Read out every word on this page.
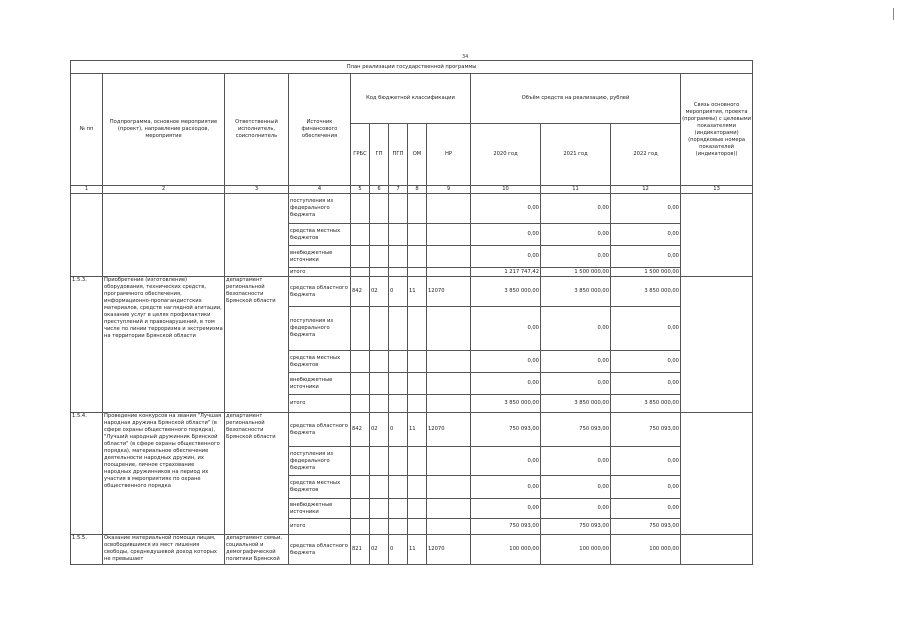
34
План реализации государственной программы												
№ пп	Подпрограмма, основное мероприятие (проект), направление расходов, мероприятие	Ответственный исполнитель, соисполнитель	Источник финансового обеспечения	Код бюджетной классификации					Объём средств на реализацию, рублей			Связь основного мероприятия, проекта (программы) с целевыми показателями (индикаторами) (порядковые номера показателей (индикаторов))
				ГРБС	ГП	ПГП	ОМ	НР	2020 год	2021 год	2022 год	
1	2	3	4	5	6	7	8	9	10	11	12	13
			поступления из федерального бюджета						0,00	0,00	0,00	
			средства местных бюджетов						0,00	0,00	0,00	
			внебюджетные источники						0,00	0,00	0,00	
			итого						1 217 747,42	1 500 000,00	1 500 000,00	
1.5.3.	Приобретение (изготовление) оборудования, технических средств, программного обеспечения, информационно-пропагандистских материалов, средств наглядной агитации, оказание услуг в целях профилактики преступлений и правонарушений, в том числе по линии терроризма и экстремизма на территории Брянской области	департамент региональной безопасности Брянской области	средства областного бюджета	842	02	0	11	12070	3 850 000,00	3 850 000,00	3 850 000,00	
			поступления из федерального бюджета						0,00	0,00	0,00	
			средства местных бюджетов						0,00	0,00	0,00	
			внебюджетные источники						0,00	0,00	0,00	
			итого						3 850 000,00	3 850 000,00	3 850 000,00	
1.5.4.	Проведение конкурсов на звания "Лучшая народная дружина Брянской области" (в сфере охраны общественного порядка), "Лучший народный дружинник Брянской области" (в сфере охраны общественного порядка), материальное обеспечение деятельности народных дружин, их поощрение, личное страхование народных дружинников на период их участия в мероприятиях по охране общественного порядка	департамент региональной безопасности Брянской области	средства областного бюджета	842	02	0	11	12070	750 093,00	750 093,00	750 093,00	
			поступления из федерального бюджета						0,00	0,00	0,00	
			средства местных бюджетов						0,00	0,00	0,00	
			внебюджетные источники						0,00	0,00	0,00	
			итого						750 093,00	750 093,00	750 093,00	
1.5.5.	Оказание материальной помощи лицам, освободившимся из мест лишения свободы, среднедушевой доход которых не превышает	департамент семьи, социальной и демографической политики Брянской	средства областного бюджета	821	02	0	11	12070	100 000,00	100 000,00	100 000,00	
